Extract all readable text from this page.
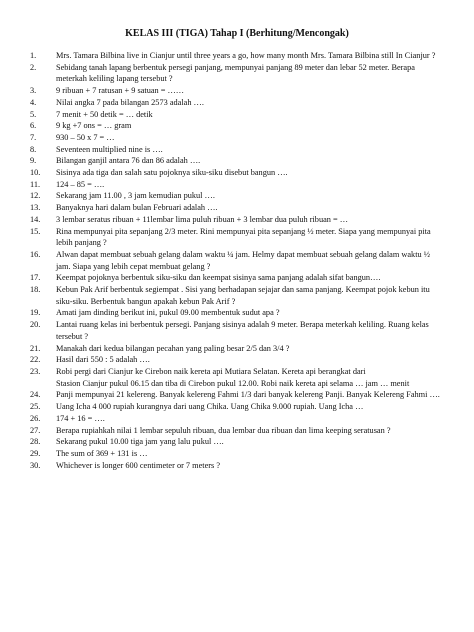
KELAS III (TIGA) Tahap I (Berhitung/Mencongak)
1.	Mrs. Tamara Bilbina live in Cianjur until three years a go, how many month Mrs. Tamara Bilbina still In Cianjur ?
2.	Sebidang tanah lapang berbentuk persegi panjang, mempunyai panjang 89 meter dan lebar 52 meter. Berapa
meterkah keliling lapang tersebut ?
3.	9 ribuan + 7 ratusan + 9 satuan = ……
4.	Nilai angka 7 pada bilangan 2573 adalah ….
5.	7 menit + 50 detik = … detik
6.	9 kg +7 ons = … gram
7.	930 – 50 x 7 = …
8.	Seventeen multiplied nine is ….
9.	Bilangan ganjil antara 76 dan 86 adalah ….
10.	Sisinya ada tiga dan salah satu pojoknya siku-siku disebut bangun ….
11.	124 – 85 = ….
12.	Sekarang jam 11.00 , 3 jam kemudian pukul ….
13.	Banyaknya hari dalam bulan Februari adalah ….
14.	3 lembar seratus ribuan + 11lembar lima puluh ribuan + 3 lembar dua puluh ribuan = …
15.	Rina mempunyai pita sepanjang 2/3 meter. Rini mempunyai pita sepanjang ½ meter. Siapa yang mempunyai pita
lebih panjang ?
16.	Alwan dapat membuat sebuah gelang dalam waktu ¼ jam. Helmy dapat membuat sebuah gelang dalam waktu ½
jam. Siapa yang lebih cepat membuat gelang ?
17.	Keempat pojoknya berbentuk siku-siku dan keempat sisinya sama panjang adalah sifat bangun….
18.	Kebun Pak Arif berbentuk segiempat . Sisi yang berhadapan sejajar dan sama panjang. Keempat pojok kebun itu
siku-siku. Berbentuk bangun apakah kebun Pak Arif ?
19.	Amati jam dinding berikut ini, pukul 09.00 membentuk sudut apa ?
20.	Lantai ruang kelas ini berbentuk persegi. Panjang sisinya adalah 9 meter. Berapa meterkah keliling. Ruang kelas
tersebut ?
21.	Manakah dari kedua bilangan pecahan yang paling besar 2/5 dan 3/4 ?
22.	Hasil dari 550 : 5 adalah ….
23.	Robi pergi dari Cianjur ke Cirebon naik kereta api Mutiara Selatan. Kereta api berangkat dari
Stasion Cianjur pukul 06.15 dan tiba di Cirebon pukul 12.00. Robi naik kereta api selama … jam … menit
24.	Panji mempunyai 21 kelereng. Banyak kelereng Fahmi 1/3 dari banyak kelereng Panji. Banyak Kelereng Fahmi ….
25.	Uang Icha 4 000 rupiah kurangnya dari uang Chika. Uang Chika 9.000 rupiah. Uang Icha …
26.	174 + 16 = ….
27.	Berapa rupiahkah nilai 1 lembar sepuluh ribuan, dua lembar dua ribuan dan lima keeping seratusan ?
28.	Sekarang pukul 10.00 tiga jam yang lalu pukul ….
29.	The sum of 369 + 131 is …
30.	Whichever is longer 600 centimeter or 7 meters ?
